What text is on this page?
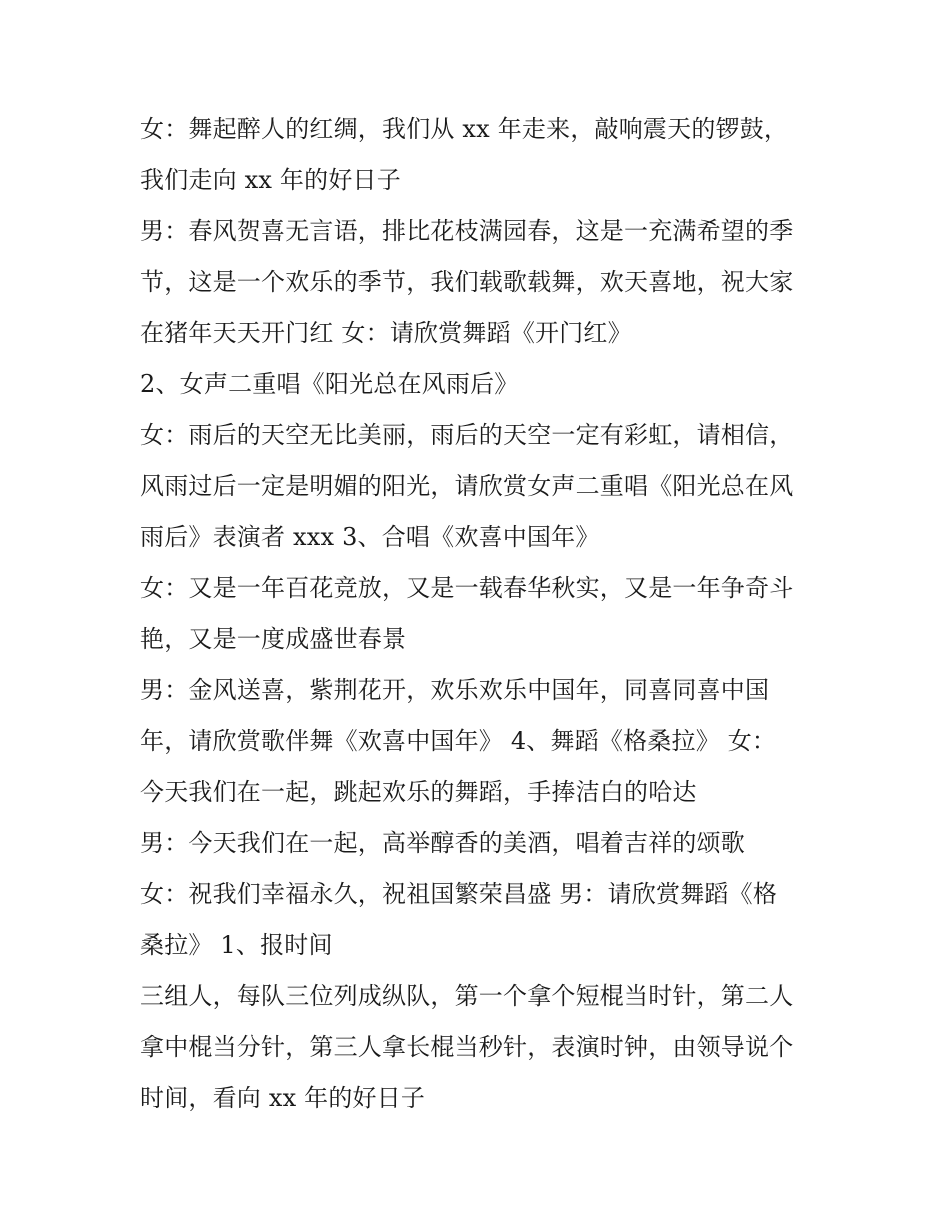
女：舞起醉人的红绸，我们从 xx 年走来，敲响震天的锣鼓，
我们走向 xx 年的好日子
男：春风贺喜无言语，排比花枝满园春，这是一充满希望的季
节，这是一个欢乐的季节，我们载歌载舞，欢天喜地，祝大家
在猪年天天开门红 女：请欣赏舞蹈《开门红》
2、女声二重唱《阳光总在风雨后》
女：雨后的天空无比美丽，雨后的天空一定有彩虹，请相信，
风雨过后一定是明媚的阳光，请欣赏女声二重唱《阳光总在风
雨后》表演者 xxx 3、合唱《欢喜中国年》
女：又是一年百花竞放，又是一载春华秋实，又是一年争奇斗
艳，又是一度成盛世春景
男：金风送喜，紫荆花开，欢乐欢乐中国年，同喜同喜中国
年，请欣赏歌伴舞《欢喜中国年》 4、舞蹈《格桑拉》 女：
今天我们在一起，跳起欢乐的舞蹈，手捧洁白的哈达
男：今天我们在一起，高举醇香的美酒，唱着吉祥的颂歌
女：祝我们幸福永久，祝祖国繁荣昌盛 男：请欣赏舞蹈《格
桑拉》 1、报时间
三组人，每队三位列成纵队，第一个拿个短棍当时针，第二人
拿中棍当分针，第三人拿长棍当秒针，表演时钟，由领导说个
时间，看向 xx 年的好日子
